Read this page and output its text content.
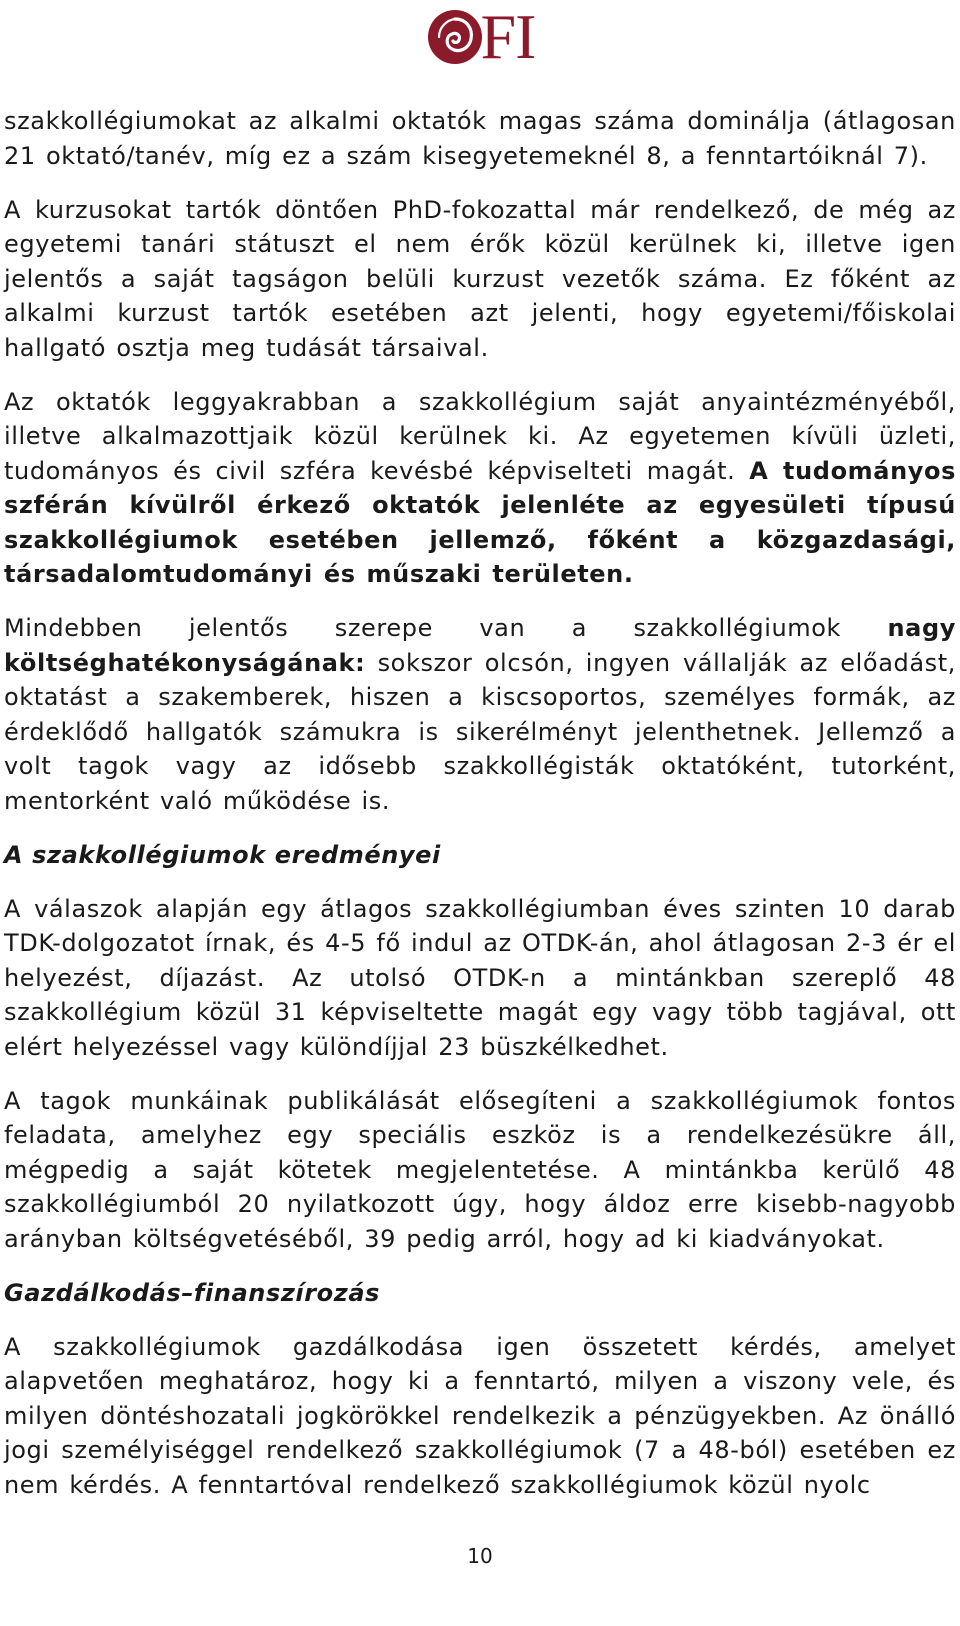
FI

szakkollégiumokat az alkalmi oktatók magas száma dominálja (átlagosan 21 oktató/tanév, míg ez a szám kisegyetemeknél 8, a fenntartóiknál 7).

A kurzusokat tartók döntően PhD-fokozattal már rendelkező, de még az egyetemi tanári státuszt el nem érők közül kerülnek ki, illetve igen jelentős a saját tagságon belüli kurzust vezetők száma. Ez főként az alkalmi kurzust tartók esetében azt jelenti, hogy egyetemi/főiskolai hallgató osztja meg tudását társaival.

Az oktatók leggyakrabban a szakkollégium saját anyaintézményéből, illetve alkalmazottjaik közül kerülnek ki. Az egyetemen kívüli üzleti, tudományos és civil szféra kevésbé képviselteti magát. A tudományos szférán kívülről érkező oktatók jelenléte az egyesületi típusú szakkollégiumok esetében jellemző, főként a közgazdasági, társadalomtudományi és műszaki területen.

Mindebben jelentős szerepe van a szakkollégiumok nagy költséghatékonyságának: sokszor olcsón, ingyen vállalják az előadást, oktatást a szakemberek, hiszen a kiscsoportos, személyes formák, az érdeklődő hallgatók számukra is sikerélményt jelenthetnek. Jellemző a volt tagok vagy az idősebb szakkollégisták oktatóként, tutorként, mentorként való működése is.

A szakkollégiumok eredményei

A válaszok alapján egy átlagos szakkollégiumban éves szinten 10 darab TDK-dolgozatot írnak, és 4-5 fő indul az OTDK-án, ahol átlagosan 2-3 ér el helyezést, díjazást. Az utolsó OTDK-n a mintánkban szereplő 48 szakkollégium közül 31 képviseltette magát egy vagy több tagjával, ott elért helyezéssel vagy különdíjjal 23 büszkélkedhet.

A tagok munkáinak publikálását elősegíteni a szakkollégiumok fontos feladata, amelyhez egy speciális eszköz is a rendelkezésükre áll, mégpedig a saját kötetek megjelentetése. A mintánkba kerülő 48 szakkollégiumból 20 nyilatkozott úgy, hogy áldoz erre kisebb-nagyobb arányban költségvetéséből, 39 pedig arról, hogy ad ki kiadványokat.

Gazdálkodás–finanszírozás

A szakkollégiumok gazdálkodása igen összetett kérdés, amelyet alapvetően meghatároz, hogy ki a fenntartó, milyen a viszony vele, és milyen döntéshozatali jogkörökkel rendelkezik a pénzügyekben. Az önálló jogi személyiséggel rendelkező szakkollégiumok (7 a 48-ból) esetében ez nem kérdés. A fenntartóval rendelkező szakkollégiumok közül nyolc

10
